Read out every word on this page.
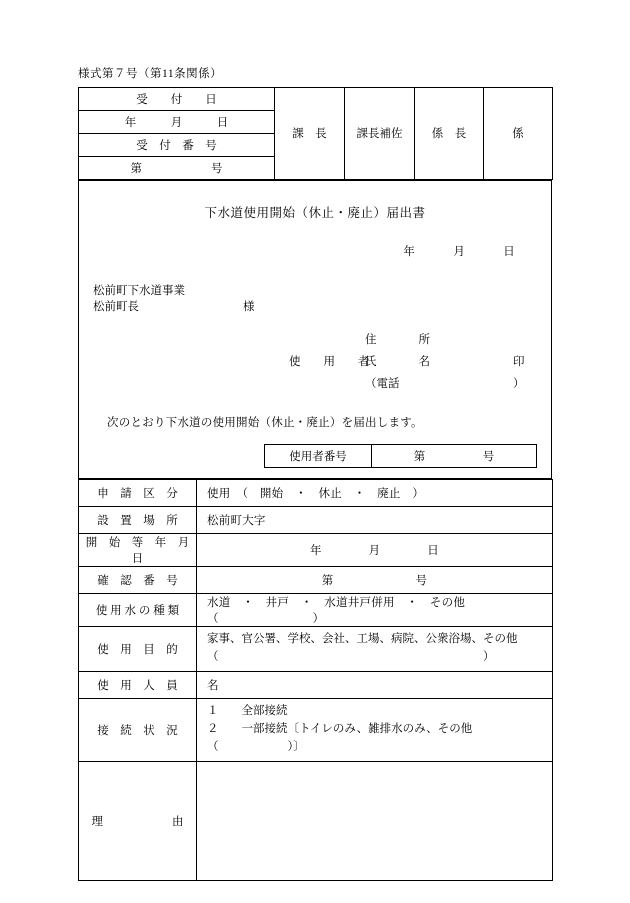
様式第７号（第11条関係）
受　　付　　日	課　長	課長補佐	係　長	係
年　　　月　　　日
受　付　番　号
第　　　　　　号
下水道使用開始（休止・廃止）届出書
年	月	日
松前町下水道事業
松前町長	様
使　用　者
住　　所
氏　　名	印
（電話	）
次のとおり下水道の使用開始（休止・廃止）を届出します。
使用者番号	第　　　　　号
申　請　区　分	使用　（　開始　・　休止　・　廃止　）
設　置　場　所	松前町大字
開　始　等　年　月　日	年　　　　月　　　　日
確　認　番　号	第　　　　　　　号
使 用 水 の 種 類	水道　・　井戸　・　水道井戸併用　・　その他（　　　　　　　　）
使　用　目　的	家事、官公署、学校、会社、工場、病院、公衆浴場、その他
（　　　　　　　　　　　　　　　　　　　　　　　）

使　用　人　員	名
接　続　状　況	１　　全部接続
２　　一部接続〔トイレのみ、雑排水のみ、その他（　　　　　　）〕

理　　　　　　由	
